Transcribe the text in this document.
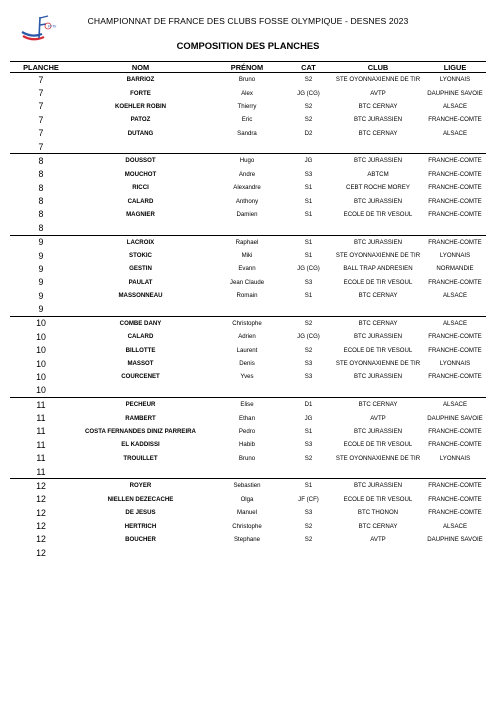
FFTir
CHAMPIONNAT DE FRANCE DES CLUBS FOSSE OLYMPIQUE - DESNES 2023
COMPOSITION DES PLANCHES
PLANCHE	NOM	PRÉNOM	CAT	CLUB	LIGUE
7	BARRIOZ	Bruno	S2	STE OYONNAXIENNE DE TIR	LYONNAIS
7	FORTE	Alex	JG (CG)	AVTP	DAUPHINE SAVOIE
7	KOEHLER ROBIN	Thierry	S2	BTC CERNAY	ALSACE
7	PATOZ	Eric	S2	BTC JURASSIEN	FRANCHE-COMTE
7	DUTANG	Sandra	D2	BTC CERNAY	ALSACE
7					
8	DOUSSOT	Hugo	JG	BTC JURASSIEN	FRANCHE-COMTE
8	MOUCHOT	Andre	S3	ABTCM	FRANCHE-COMTE
8	RICCI	Alexandre	S1	CEBT ROCHE MOREY	FRANCHE-COMTE
8	CALARD	Anthony	S1	BTC JURASSIEN	FRANCHE-COMTE
8	MAGNIER	Damien	S1	ECOLE DE TIR VESOUL	FRANCHE-COMTE
8					
9	LACROIX	Raphael	S1	BTC JURASSIEN	FRANCHE-COMTE
9	STOKIC	Miki	S1	STE OYONNAXIENNE DE TIR	LYONNAIS
9	GESTIN	Evann	JG (CG)	BALL TRAP ANDRESIEN	NORMANDIE
9	PAULAT	Jean Claude	S3	ECOLE DE TIR VESOUL	FRANCHE-COMTE
9	MASSONNEAU	Romain	S1	BTC CERNAY	ALSACE
9					
10	COMBE DANY	Christophe	S2	BTC CERNAY	ALSACE
10	CALARD	Adrien	JG (CG)	BTC JURASSIEN	FRANCHE-COMTE
10	BILLOTTE	Laurent	S2	ECOLE DE TIR VESOUL	FRANCHE-COMTE
10	MASSOT	Denis	S3	STE OYONNAXIENNE DE TIR	LYONNAIS
10	COURCENET	Yves	S3	BTC JURASSIEN	FRANCHE-COMTE
10					
11	PECHEUR	Elise	D1	BTC CERNAY	ALSACE
11	RAMBERT	Ethan	JG	AVTP	DAUPHINE SAVOIE
11	COSTA FERNANDES DINIZ PARREIRA	Pedro	S1	BTC JURASSIEN	FRANCHE-COMTE
11	EL KADDISSI	Habib	S3	ECOLE DE TIR VESOUL	FRANCHE-COMTE
11	TROUILLET	Bruno	S2	STE OYONNAXIENNE DE TIR	LYONNAIS
11					
12	ROYER	Sebastien	S1	BTC JURASSIEN	FRANCHE-COMTE
12	NIELLEN DEZECACHE	Olga	JF (CF)	ECOLE DE TIR VESOUL	FRANCHE-COMTE
12	DE JESUS	Manuel	S3	BTC THONON	FRANCHE-COMTE
12	HERTRICH	Christophe	S2	BTC CERNAY	ALSACE
12	BOUCHER	Stephane	S2	AVTP	DAUPHINE SAVOIE
12					
